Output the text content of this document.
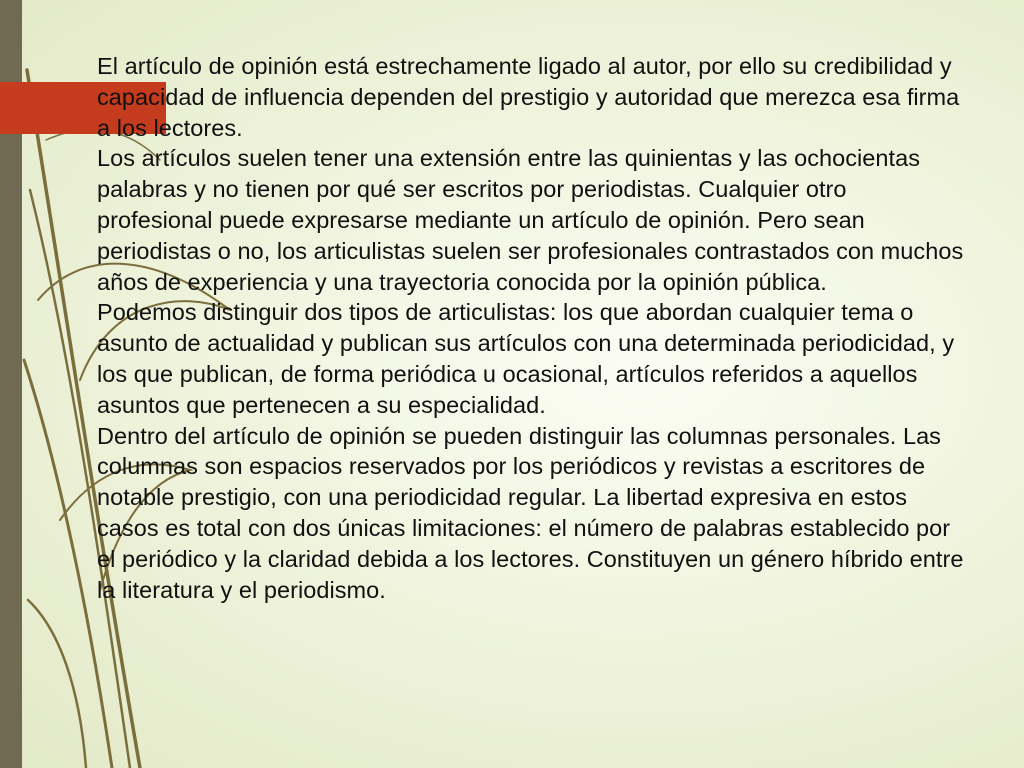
El artículo de opinión está estrechamente ligado al autor, por ello su credibilidad y capacidad de influencia dependen del prestigio y autoridad que merezca esa firma a los lectores.

Los artículos suelen tener una extensión entre las quinientas y las ochocientas palabras y no tienen por qué ser escritos por periodistas. Cualquier otro profesional puede expresarse mediante un artículo de opinión. Pero sean periodistas o no, los articulistas suelen ser profesionales contrastados con muchos años de experiencia y una trayectoria conocida por la opinión pública.

Podemos distinguir dos tipos de articulistas: los que abordan cualquier tema o asunto de actualidad y publican sus artículos con una determinada periodicidad, y los que publican, de forma periódica u ocasional, artículos referidos a aquellos asuntos que pertenecen a su especialidad.

Dentro del artículo de opinión se pueden distinguir las columnas personales. Las columnas son espacios reservados por los periódicos y revistas a escritores de notable prestigio, con una periodicidad regular. La libertad expresiva en estos casos es total con dos únicas limitaciones: el número de palabras establecido por el periódico y la claridad debida a los lectores. Constituyen un género híbrido entre la literatura y el periodismo.
